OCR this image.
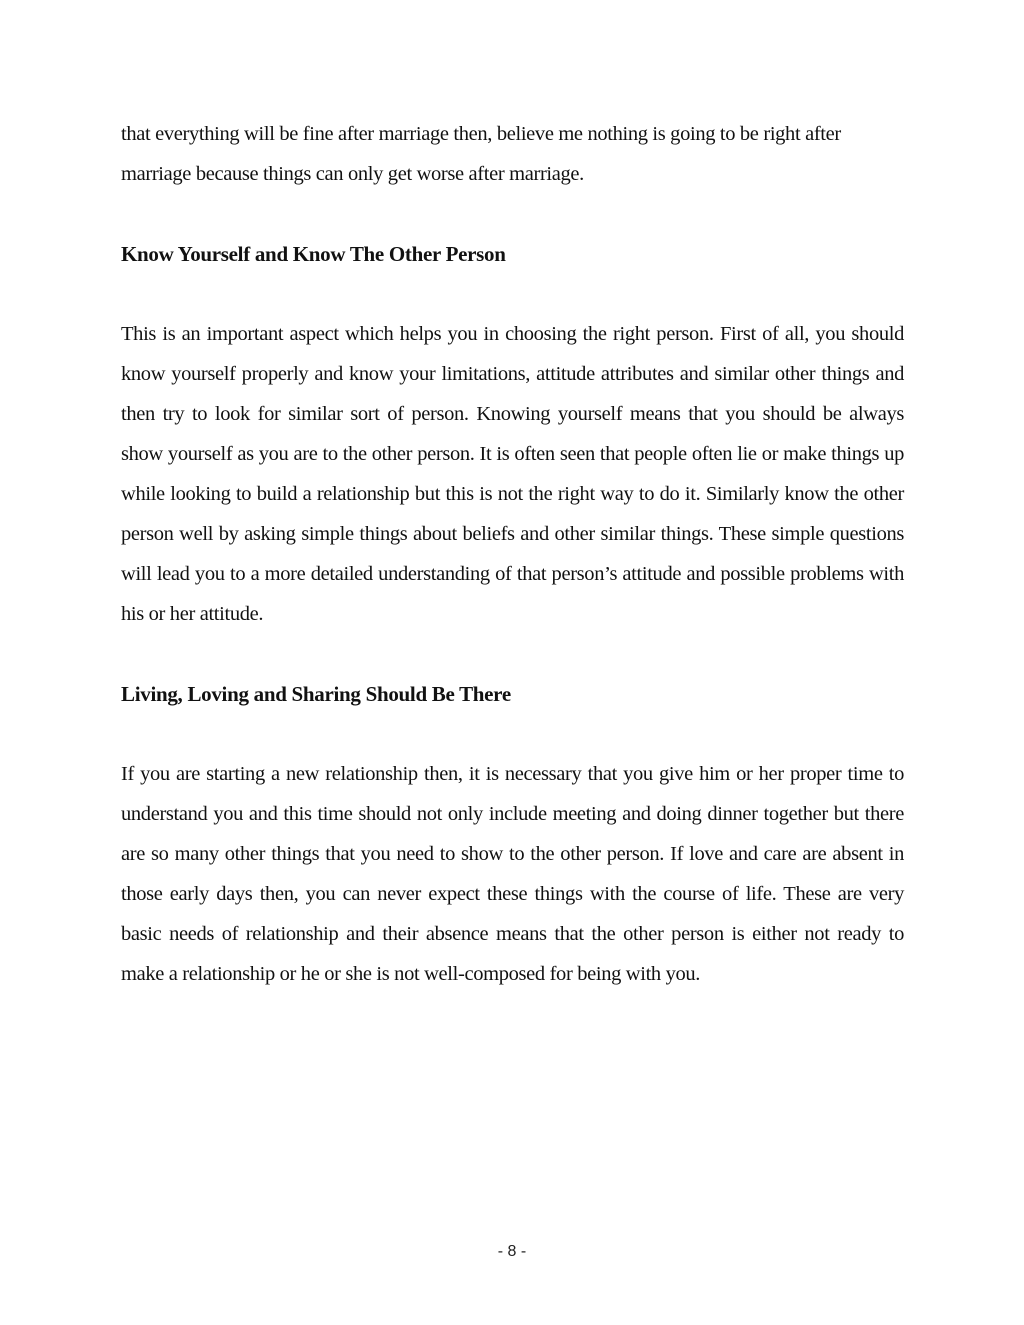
that everything will be fine after marriage then, believe me nothing is going to be right after marriage because things can only get worse after marriage.

Know Yourself and Know The Other Person

This is an important aspect which helps you in choosing the right person. First of all, you should know yourself properly and know your limitations, attitude attributes and similar other things and then try to look for similar sort of person. Knowing yourself means that you should be always show yourself as you are to the other person. It is often seen that people often lie or make things up while looking to build a relationship but this is not the right way to do it. Similarly know the other person well by asking simple things about beliefs and other similar things. These simple questions will lead you to a more detailed understanding of that person’s attitude and possible problems with his or her attitude.

Living, Loving and Sharing Should Be There

If you are starting a new relationship then, it is necessary that you give him or her proper time to understand you and this time should not only include meeting and doing dinner together but there are so many other things that you need to show to the other person. If love and care are absent in those early days then, you can never expect these things with the course of life. These are very basic needs of relationship and their absence means that the other person is either not ready to make a relationship or he or she is not well-composed for being with you.

- 8 -
